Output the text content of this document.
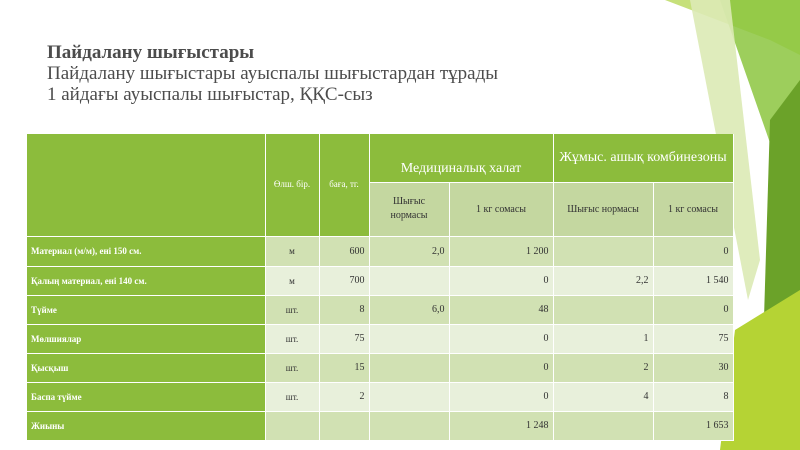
Пайдалану шығыстары
Пайдалану шығыстары ауыспалы шығыстардан тұрады
1 айдағы ауыспалы шығыстар, ҚҚС-сыз
	Өлш. бір.	баға, тг.	Медициналық халат		Жұмыс. ашық комбинезоны	
			Шығыс нормасы	1 кг сомасы	Шығыс нормасы	1 кг сомасы
Материал (м/м), ені 150 см.	м	600	2,0	1 200		0
Қалың материал, ені 140 см.	м	700		0	2,2	1 540
Түйме	шт.	8	6,0	48		0
Мөлшиялар	шт.	75		0	1	75
Қысқыш	шт.	15		0	2	30
Баспа түйме	шт.	2		0	4	8
Жиыны				1 248		1 653
